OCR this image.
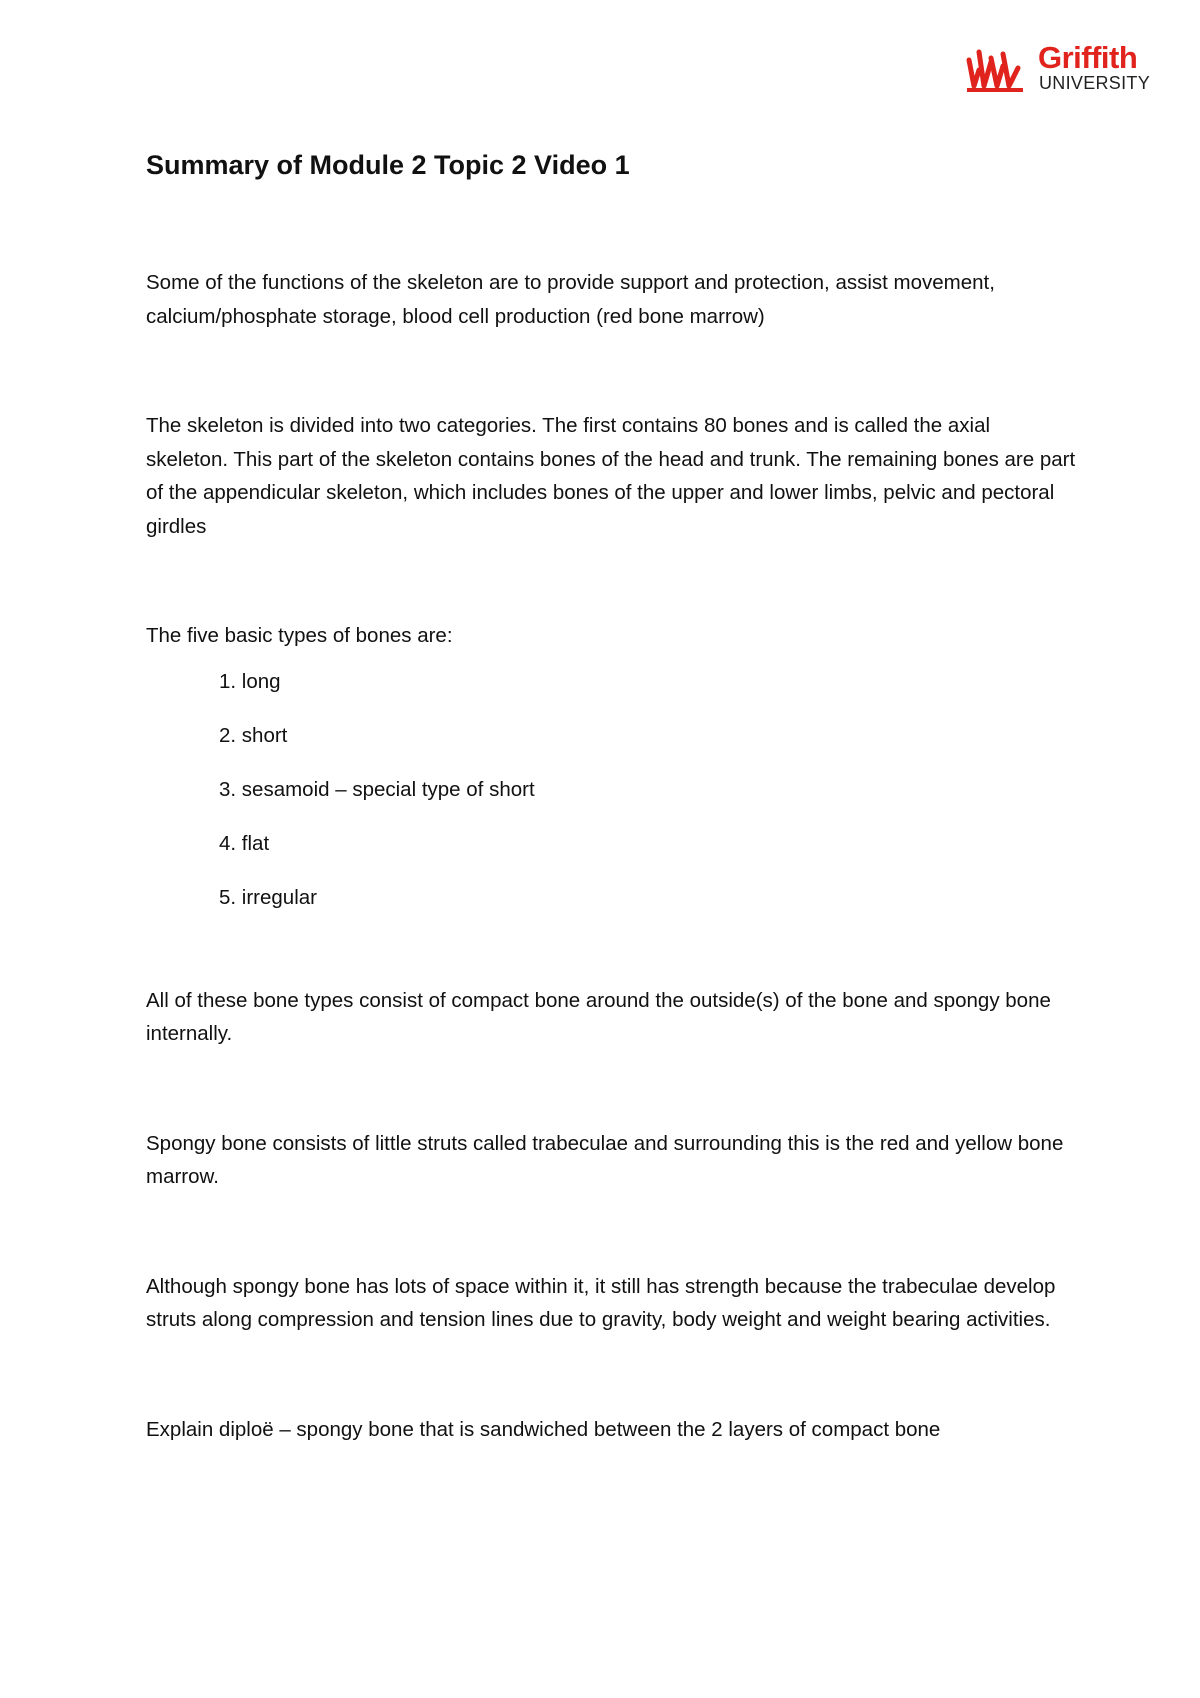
Griffith
UNIVERSITY
Summary of Module 2 Topic 2 Video 1

Some of the functions of the skeleton are to provide support and protection, assist movement, calcium/phosphate storage, blood cell production (red bone marrow)

The skeleton is divided into two categories. The first contains 80 bones and is called the axial skeleton. This part of the skeleton contains bones of the head and trunk. The remaining bones are part of the appendicular skeleton, which includes bones of the upper and lower limbs, pelvic and pectoral girdles

The five basic types of bones are:

1. long
2. short
3. sesamoid – special type of short
4. flat
5. irregular

All of these bone types consist of compact bone around the outside(s) of the bone and spongy bone internally.

Spongy bone consists of little struts called trabeculae and surrounding this is the red and yellow bone marrow.

Although spongy bone has lots of space within it, it still has strength because the trabeculae develop struts along compression and tension lines due to gravity, body weight and weight bearing activities.

Explain diploë – spongy bone that is sandwiched between the 2 layers of compact bone
